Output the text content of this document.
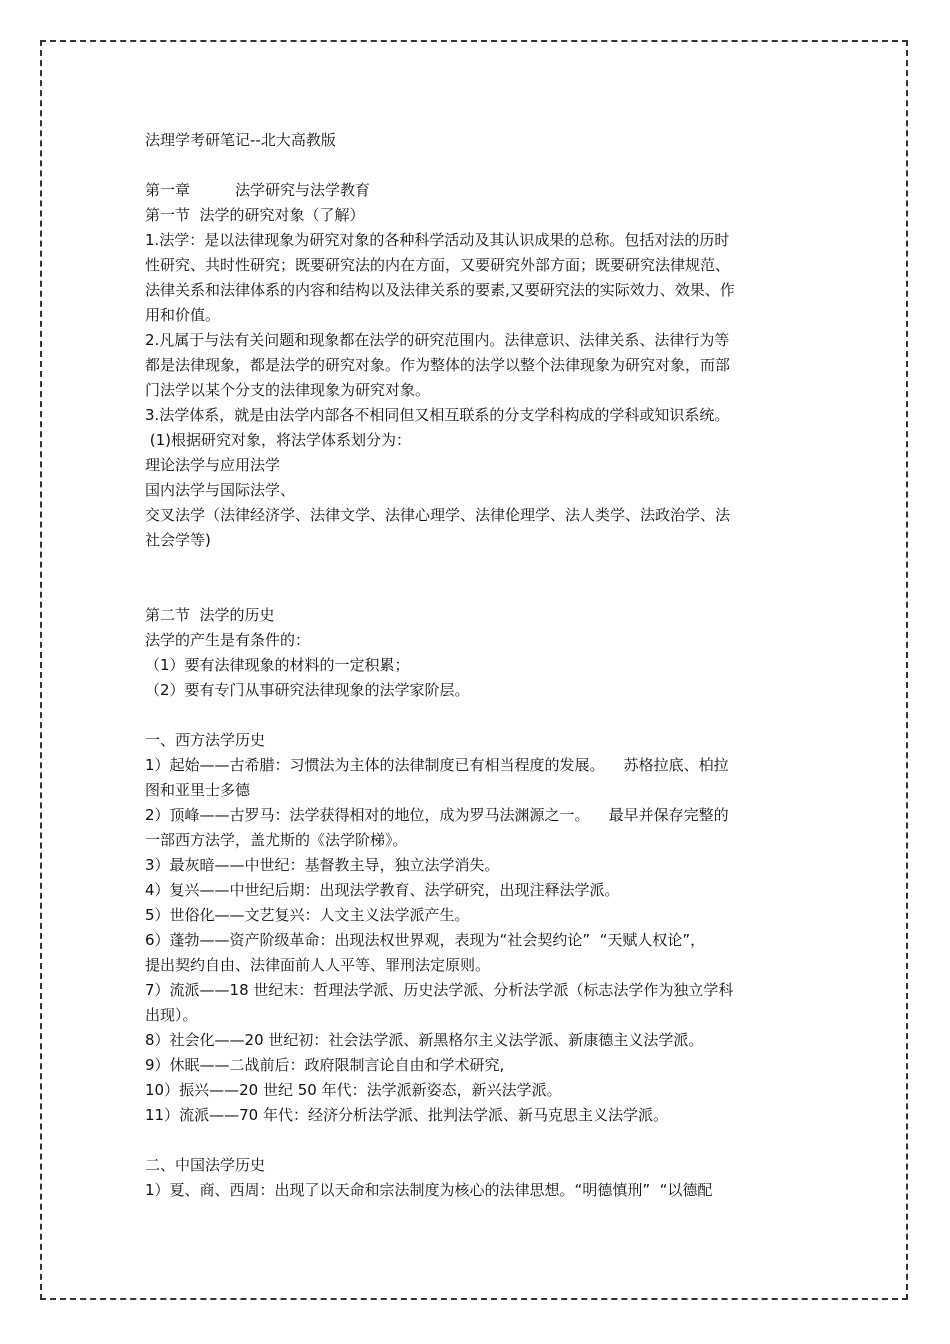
法理学考研笔记--北大高教版
第一章　　　法学研究与法学教育
第一节  法学的研究对象（了解）
1.法学：是以法律现象为研究对象的各种科学活动及其认识成果的总称。包括对法的历时
性研究、共时性研究；既要研究法的内在方面，又要研究外部方面；既要研究法律规范、
法律关系和法律体系的内容和结构以及法律关系的要素,又要研究法的实际效力、效果、作
用和价值。
2.凡属于与法有关问题和现象都在法学的研究范围内。法律意识、法律关系、法律行为等
都是法律现象，都是法学的研究对象。作为整体的法学以整个法律现象为研究对象，而部
门法学以某个分支的法律现象为研究对象。
3.法学体系，就是由法学内部各不相同但又相互联系的分支学科构成的学科或知识系统。
(1)根据研究对象，将法学体系划分为：
理论法学与应用法学
国内法学与国际法学、
交叉法学（法律经济学、法律文学、法律心理学、法律伦理学、法人类学、法政治学、法
社会学等)
第二节  法学的历史
法学的产生是有条件的：
（1）要有法律现象的材料的一定积累；
（2）要有专门从事研究法律现象的法学家阶层。
一、西方法学历史
1）起始——古希腊：习惯法为主体的法律制度已有相当程度的发展。    苏格拉底、柏拉
图和亚里士多德
2）顶峰——古罗马：法学获得相对的地位，成为罗马法渊源之一。    最早并保存完整的
一部西方法学，盖尤斯的《法学阶梯》。
3）最灰暗——中世纪：基督教主导，独立法学消失。
4）复兴——中世纪后期：出现法学教育、法学研究，出现注释法学派。
5）世俗化——文艺复兴：人文主义法学派产生。
6）蓬勃——资产阶级革命：出现法权世界观，表现为“社会契约论”  “天赋人权论”，
提出契约自由、法律面前人人平等、罪刑法定原则。
7）流派——18 世纪末：哲理法学派、历史法学派、分析法学派（标志法学作为独立学科
出现）。
8）社会化——20 世纪初：社会法学派、新黑格尔主义法学派、新康德主义法学派。
9）休眠——二战前后：政府限制言论自由和学术研究,
10）振兴——20 世纪 50 年代：法学派新姿态，新兴法学派。
11）流派——70 年代：经济分析法学派、批判法学派、新马克思主义法学派。
二、中国法学历史
1）夏、商、西周：出现了以天命和宗法制度为核心的法律思想。“明德慎刑”  “以德配
